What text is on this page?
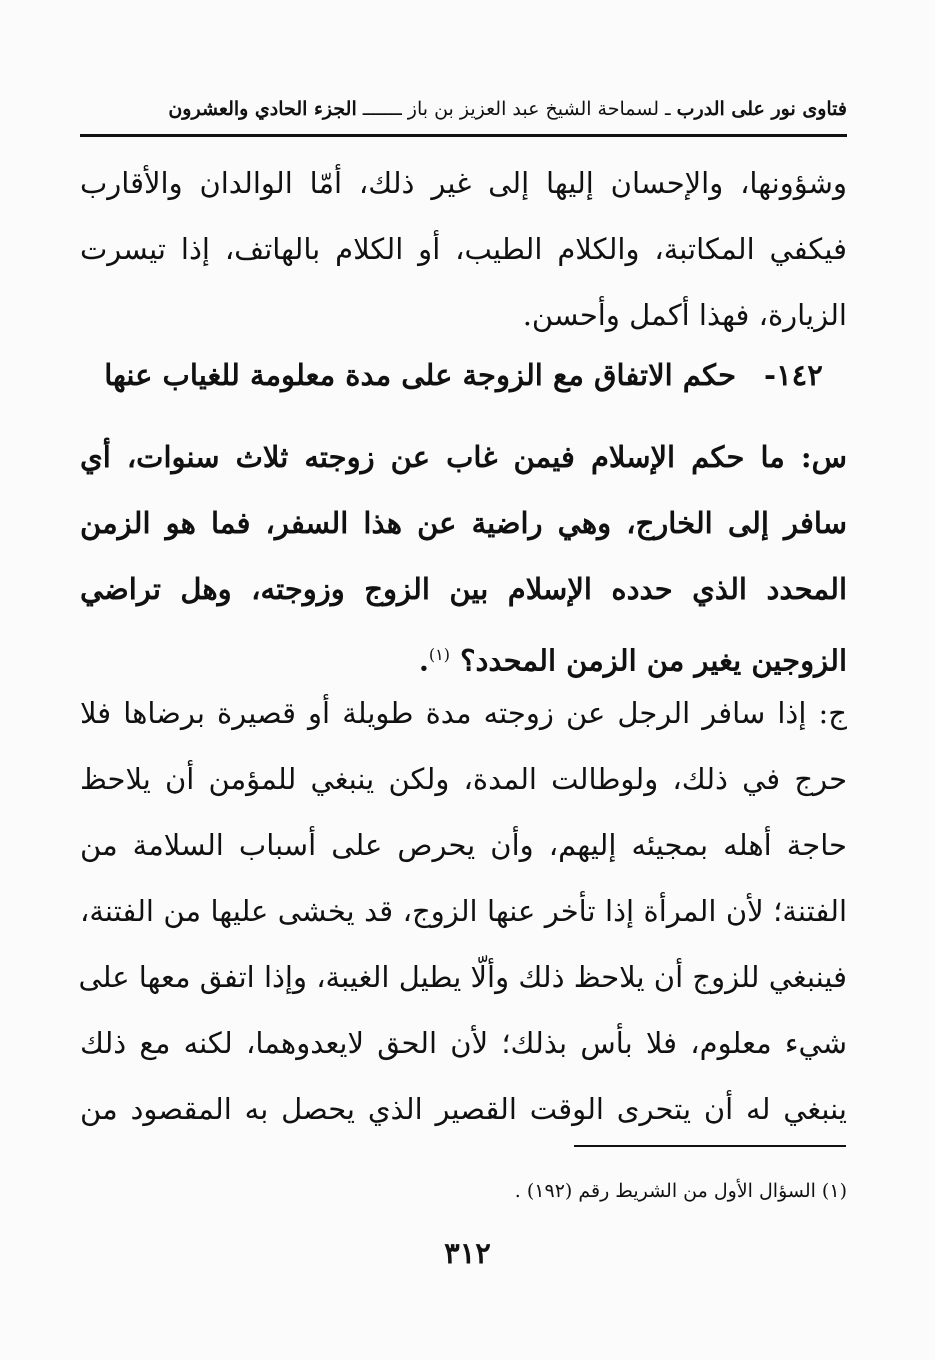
فتاوى نور على الدرب ـ لسماحة الشيخ عبد العزيز بن باز ـــــــ الجزء الحادي والعشرون
وشؤونها، والإحسان إليها إلى غير ذلك، أمّا الوالدان والأقارب
فيكفي المكاتبة، والكلام الطيب، أو الكلام بالهاتف، إذا تيسرت
الزيارة، فهذا أكمل وأحسن.
١٤٢-حكم الاتفاق مع الزوجة على مدة معلومة للغياب عنها
س: ما حكم الإسلام فيمن غاب عن زوجته ثلاث سنوات، أي
سافر إلى الخارج، وهي راضية عن هذا السفر، فما هو الزمن
المحدد الذي حدده الإسلام بين الزوج وزوجته، وهل تراضي
الزوجين يغير من الزمن المحدد؟ $^{(١)}$.
ج: إذا سافر الرجل عن زوجته مدة طويلة أو قصيرة برضاها فلا
حرج في ذلك، ولوطالت المدة، ولكن ينبغي للمؤمن أن يلاحظ
حاجة أهله بمجيئه إليهم، وأن يحرص على أسباب السلامة من
الفتنة؛ لأن المرأة إذا تأخر عنها الزوج، قد يخشى عليها من الفتنة،
فينبغي للزوج أن يلاحظ ذلك وألّا يطيل الغيبة، وإذا اتفق معها على
شيء معلوم، فلا بأس بذلك؛ لأن الحق لايعدوهما، لكنه مع ذلك
ينبغي له أن يتحرى الوقت القصير الذي يحصل به المقصود من
(١) السؤال الأول من الشريط رقم (١٩٢) .
٣١٢
